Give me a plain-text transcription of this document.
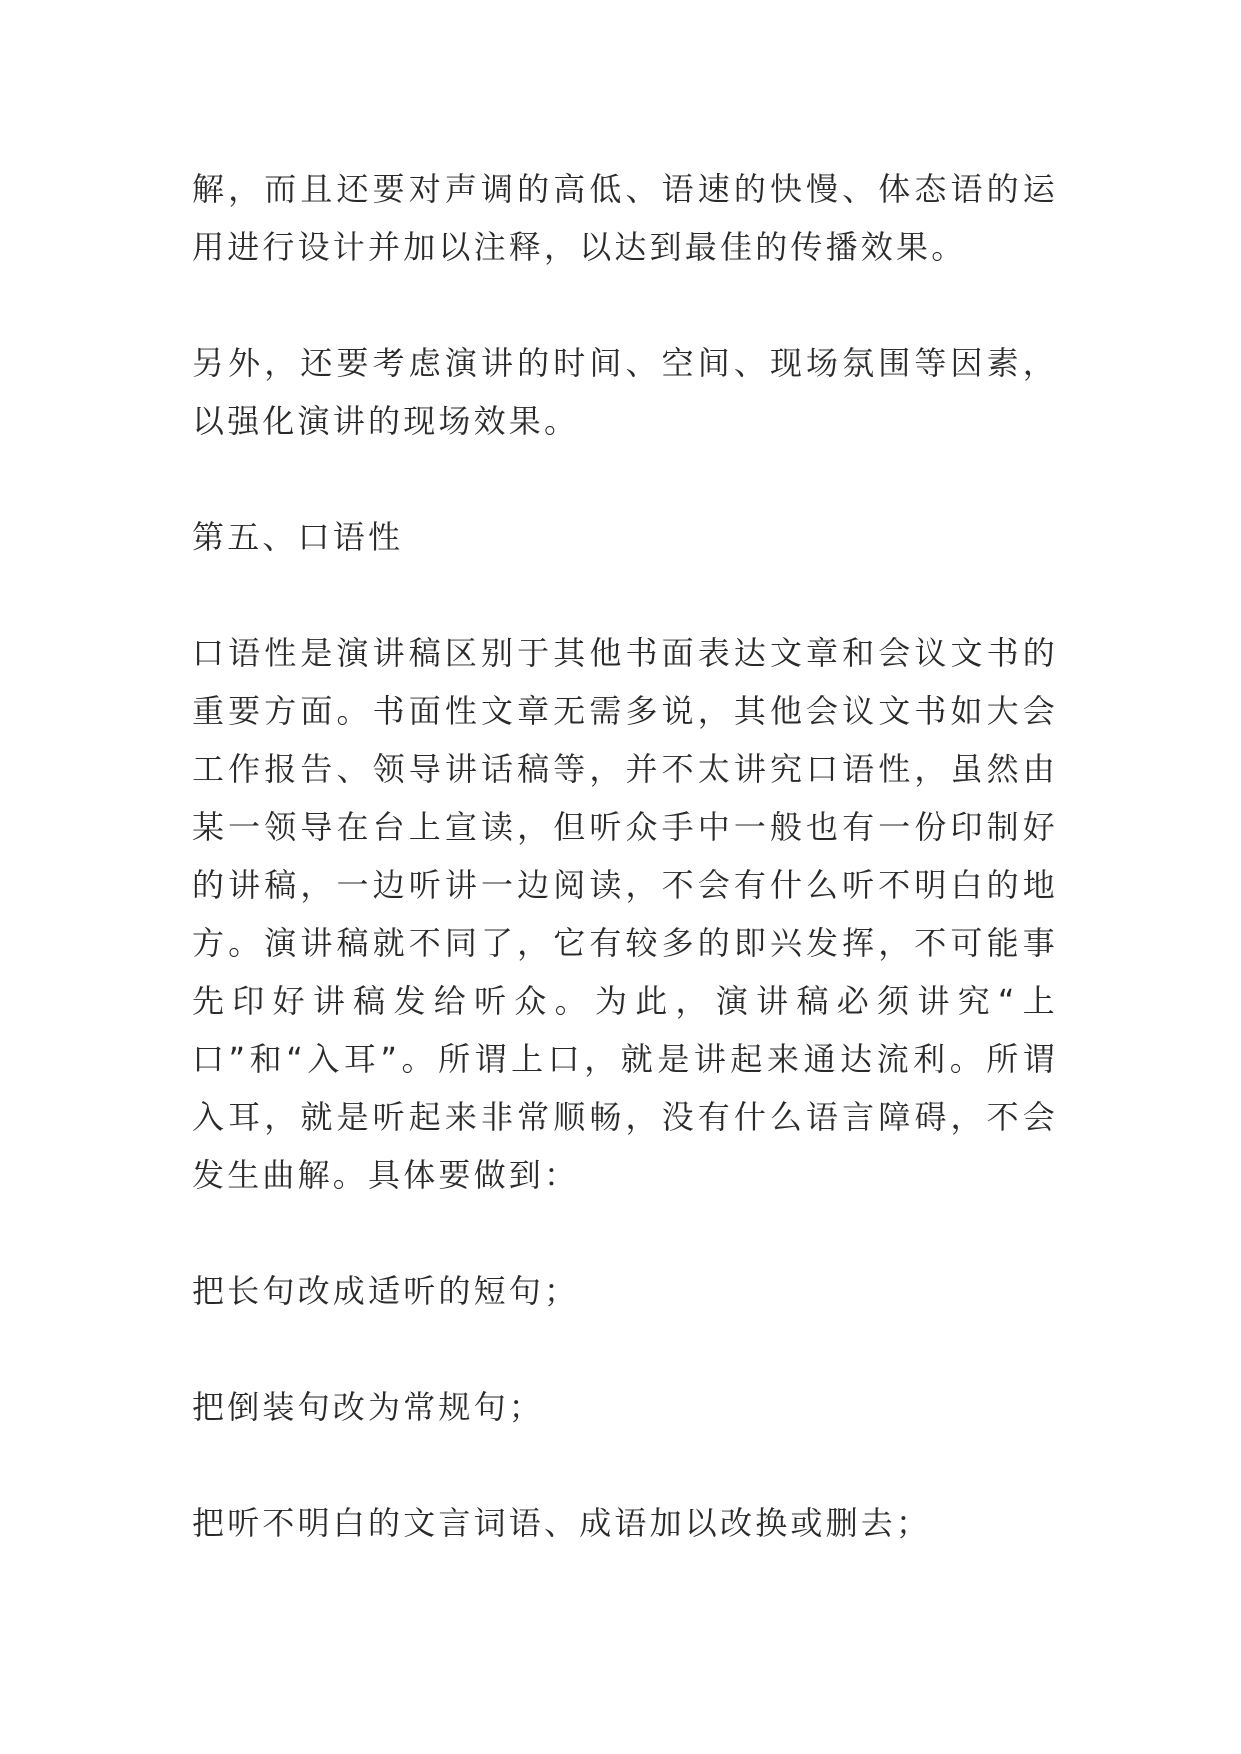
解，而且还要对声调的高低、语速的快慢、体态语的运用进行设计并加以注释，以达到最佳的传播效果。

另外，还要考虑演讲的时间、空间、现场氛围等因素，以强化演讲的现场效果。

第五、口语性

口语性是演讲稿区别于其他书面表达文章和会议文书的重要方面。书面性文章无需多说，其他会议文书如大会工作报告、领导讲话稿等，并不太讲究口语性，虽然由某一领导在台上宣读，但听众手中一般也有一份印制好的讲稿，一边听讲一边阅读，不会有什么听不明白的地方。演讲稿就不同了，它有较多的即兴发挥，不可能事先印好讲稿发给听众。为此，演讲稿必须讲究“上口”和“入耳”。所谓上口，就是讲起来通达流利。所谓入耳，就是听起来非常顺畅，没有什么语言障碍，不会发生曲解。具体要做到：

把长句改成适听的短句；

把倒装句改为常规句；

把听不明白的文言词语、成语加以改换或删去；
